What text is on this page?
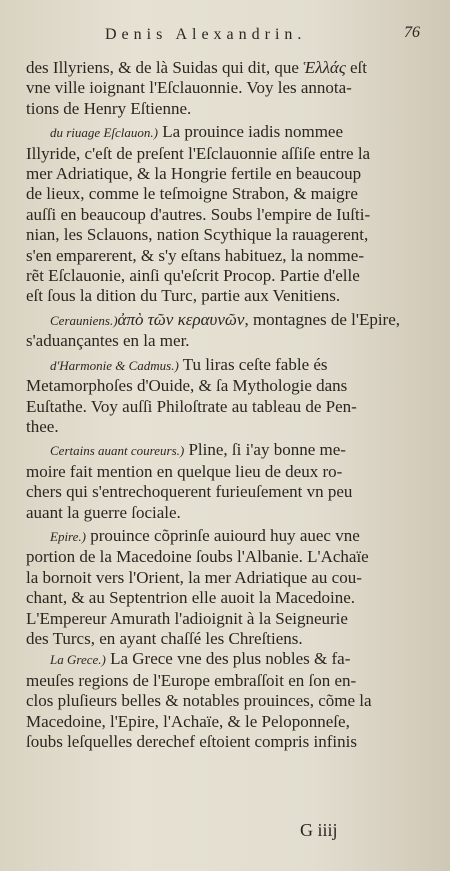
Denis Alexandrin.	76
des Illyriens, & de là Suidas qui dit, que Ἑλλάς eſt
vne ville ioignant l'Eſclauonnie. Voy les annota-
tions de Henry Eſtienne.
du riuage Eſclauon.) La prouince iadis nommee
Illyride, c'eſt de preſent l'Eſclauonnie aſſiſe entre la
mer Adriatique, & la Hongrie fertile en beaucoup
de lieux, comme le teſmoigne Strabon, & maigre
auſſi en beaucoup d'autres. Soubs l'empire de Iuſti-
nian, les Sclauons, nation Scythique la rauagerent,
s'en emparerent, & s'y eſtans habituez, la nomme-
rẽt Eſclauonie, ainſi qu'eſcrit Procop. Partie d'elle
eſt ſous la dition du Turc, partie aux Venitiens.
Cerauniens.)ἀπὸ τῶν κεραυνῶν, montagnes de l'Epire,
s'aduançantes en la mer.
d'Harmonie & Cadmus.) Tu liras ceſte fable és
Metamorphoſes d'Ouide, & ſa Mythologie dans
Euſtathe. Voy auſſi Philoſtrate au tableau de Pen-
thee.
Certains auant coureurs.) Pline, ſi i'ay bonne me-
moire fait mention en quelque lieu de deux ro-
chers qui s'entrechoquerent furieuſement vn peu
auant la guerre ſociale.
Epire.) prouince cõprinſe auiourd huy auec vne
portion de la Macedoine ſoubs l'Albanie. L'Achaïe
la bornoit vers l'Orient, la mer Adriatique au cou-
chant, & au Septentrion elle auoit la Macedoine.
L'Empereur Amurath l'adioignit à la Seigneurie
des Turcs, en ayant chaſſé les Chreſtiens.
La Grece.) La Grece vne des plus nobles & fa-
meuſes regions de l'Europe embraſſoit en ſon en-
clos pluſieurs belles & notables prouinces, cõme la
Macedoine, l'Epire, l'Achaïe, & le Peloponneſe,
ſoubs leſquelles derechef eſtoient compris infinis
G iiij
